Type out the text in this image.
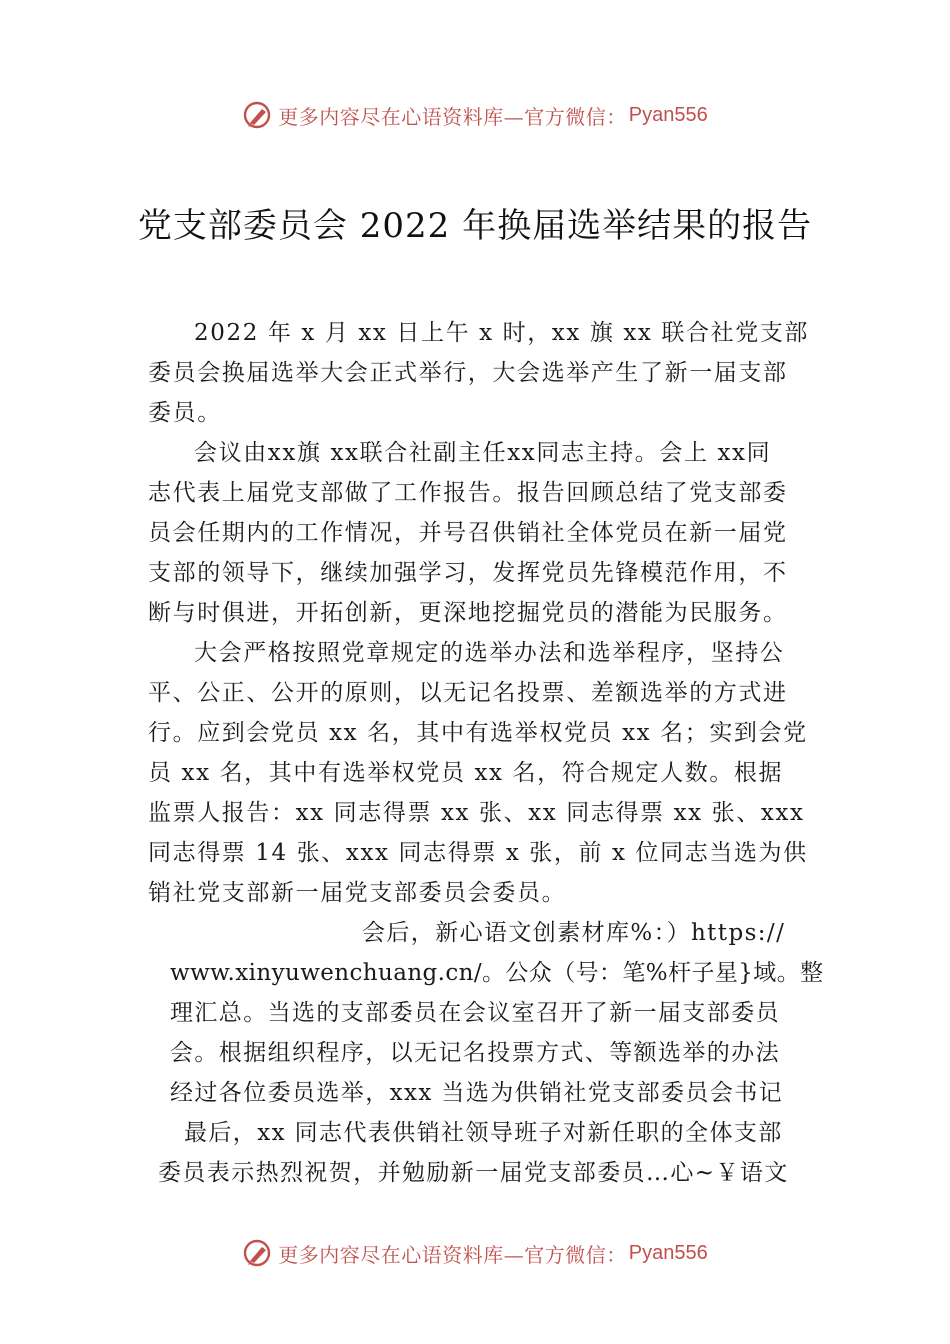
更多内容尽在心语资料库—官方微信： Pyan556
党支部委员会 2022 年换届选举结果的报告

2022 年 x 月 xx 日上午 x 时，xx 旗 xx 联合社党支部

委员会换届选举大会正式举行，大会选举产生了新一届支部

委员。

会议由xx旗 xx联合社副主任xx同志主持。会上 xx同

志代表上届党支部做了工作报告。报告回顾总结了党支部委

员会任期内的工作情况，并号召供销社全体党员在新一届党

支部的领导下，继续加强学习，发挥党员先锋模范作用，不

断与时俱进，开拓创新，更深地挖掘党员的潜能为民服务。

大会严格按照党章规定的选举办法和选举程序，坚持公

平、公正、公开的原则，以无记名投票、差额选举的方式进

行。应到会党员 xx 名，其中有选举权党员 xx 名；实到会党

员 xx 名，其中有选举权党员 xx 名，符合规定人数。根据

监票人报告：xx 同志得票 xx 张、xx 同志得票 xx 张、xxx

同志得票 14 张、xxx 同志得票 x 张，前 x 位同志当选为供

销社党支部新一届党支部委员会委员。

会后，新心语文创素材库%：）https://

www.xinyuwenchuang.cn/。公众（号：笔%杆子星}域。整

理汇总。当选的支部委员在会议室召开了新一届支部委员

会。根据组织程序，以无记名投票方式、等额选举的办法

经过各位委员选举，xxx 当选为供销社党支部委员会书记

最后，xx 同志代表供销社领导班子对新任职的全体支部

委员表示热烈祝贺，并勉励新一届党支部委员…心~￥语文

更多内容尽在心语资料库—官方微信： Pyan556
